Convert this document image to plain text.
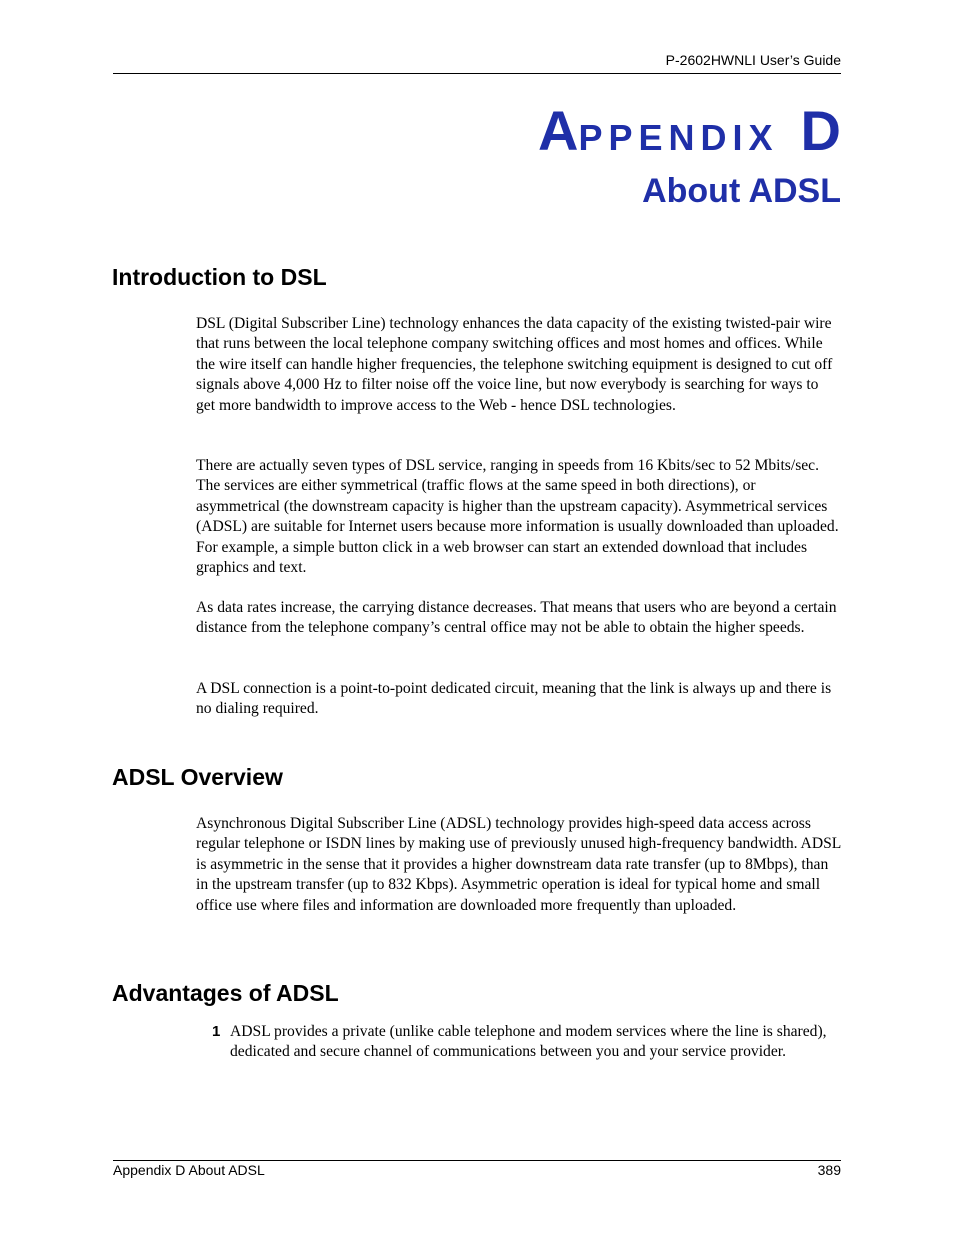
P-2602HWNLI User’s Guide
APPENDIX D
About ADSL
Introduction to DSL

DSL (Digital Subscriber Line) technology enhances the data capacity of the existing twisted-pair wire that runs between the local telephone company switching offices and most homes and offices. While the wire itself can handle higher frequencies, the telephone switching equipment is designed to cut off signals above 4,000 Hz to filter noise off the voice line, but now everybody is searching for ways to get more bandwidth to improve access to the Web - hence DSL technologies.

There are actually seven types of DSL service, ranging in speeds from 16 Kbits/sec to 52 Mbits/sec. The services are either symmetrical (traffic flows at the same speed in both directions), or asymmetrical (the downstream capacity is higher than the upstream capacity). Asymmetrical services (ADSL) are suitable for Internet users because more information is usually downloaded than uploaded. For example, a simple button click in a web browser can start an extended download that includes graphics and text.

As data rates increase, the carrying distance decreases. That means that users who are beyond a certain distance from the telephone company’s central office may not be able to obtain the higher speeds.

A DSL connection is a point-to-point dedicated circuit, meaning that the link is always up and there is no dialing required.

ADSL Overview

Asynchronous Digital Subscriber Line (ADSL) technology provides high-speed data access across regular telephone or ISDN lines by making use of previously unused high-frequency bandwidth. ADSL is asymmetric in the sense that it provides a higher downstream data rate transfer (up to 8Mbps), than in the upstream transfer (up to 832 Kbps). Asymmetric operation is ideal for typical home and small office use where files and information are downloaded more frequently than uploaded.

Advantages of ADSL
1 ADSL provides a private (unlike cable telephone and modem services where the line is shared), dedicated and secure channel of communications between you and your service provider.
Appendix D About ADSL	389
